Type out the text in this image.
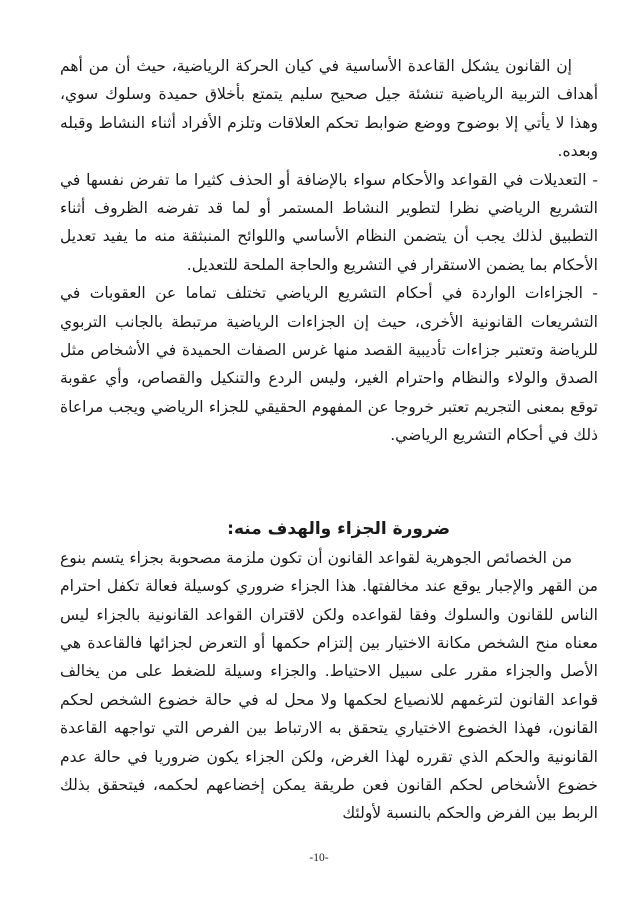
إن القانون يشكل القاعدة الأساسية في كيان الحركة الرياضية، حيث أن من أهم أهداف التربية الرياضية تنشئة جيل صحيح سليم يتمتع بأخلاق حميدة وسلوك سوي، وهذا لا يأتي إلا بوضوح ووضع ضوابط تحكم العلاقات وتلزم الأفراد أثناء النشاط وقبله وبعده.

- التعديلات في القواعد والأحكام سواء بالإضافة أو الحذف كثيرا ما تفرض نفسها في التشريع الرياضي نظرا لتطوير النشاط المستمر أو لما قد تفرضه الظروف أثناء التطبيق لذلك يجب أن يتضمن النظام الأساسي واللوائح المنبثقة منه ما يفيد تعديل الأحكام بما يضمن الاستقرار في التشريع والحاجة الملحة للتعديل.

- الجزاءات الواردة في أحكام التشريع الرياضي تختلف تماما عن العقوبات في التشريعات القانونية الأخرى، حيث إن الجزاءات الرياضية مرتبطة بالجانب التربوي للرياضة وتعتبر جزاءات تأديبية القصد منها غرس الصفات الحميدة في الأشخاص مثل الصدق والولاء والنظام واحترام الغير، وليس الردع والتنكيل والقصاص، وأي عقوبة توقع بمعنى التجريم تعتبر خروجا عن المفهوم الحقيقي للجزاء الرياضي ويجب مراعاة ذلك في أحكام التشريع الرياضي.

ضرورة الجزاء والهدف منه:

من الخصائص الجوهرية لقواعد القانون أن تكون ملزمة مصحوبة بجزاء يتسم بنوع من القهر والإجبار يوقع عند مخالفتها. هذا الجزاء ضروري كوسيلة فعالة تكفل احترام الناس للقانون والسلوك وفقا لقواعده ولكن لاقتران القواعد القانونية بالجزاء ليس معناه منح الشخص مكانة الاختيار بين إلتزام حكمها أو التعرض لجزائها فالقاعدة هي الأصل والجزاء مقرر على سبيل الاحتياط. والجزاء وسيلة للضغط على من يخالف قواعد القانون لترغمهم للانصياع لحكمها ولا محل له في حالة خضوع الشخص لحكم القانون، فهذا الخضوع الاختياري يتحقق به الارتباط بين الفرص التي تواجهه القاعدة القانونية والحكم الذي تقرره لهذا الغرض، ولكن الجزاء يكون ضروريا في حالة عدم خضوع الأشخاص لحكم القانون فعن طريقة يمكن إخضاعهم لحكمه، فيتحقق بذلك الربط بين الفرض والحكم بالنسبة لأولئك

-10-
